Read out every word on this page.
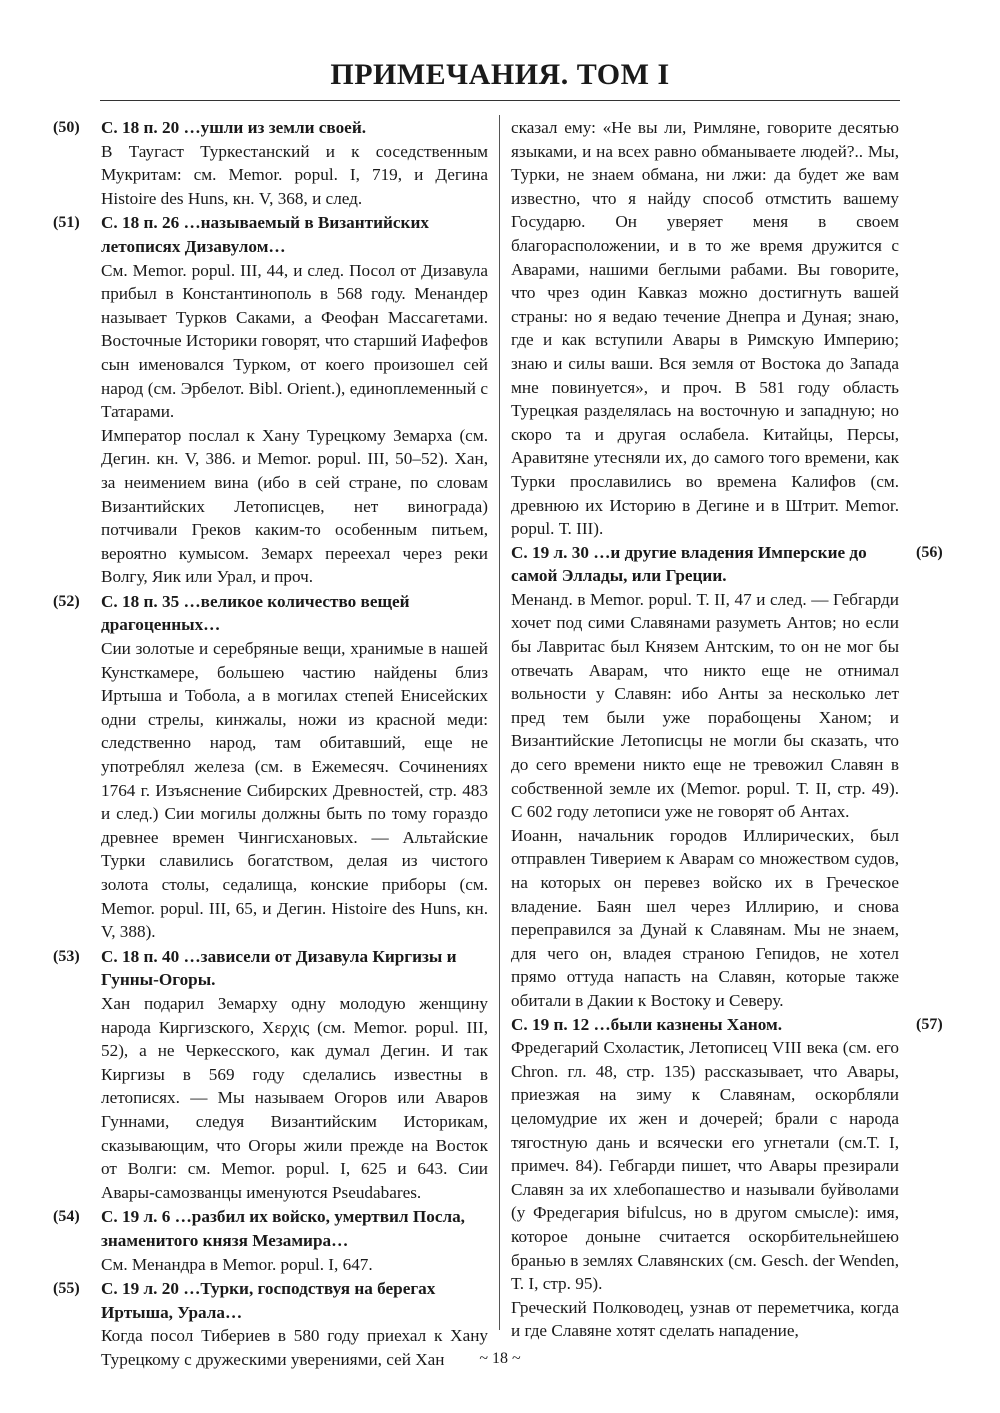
ПРИМЕЧАНИЯ. ТОМ I
(50) С. 18 п. 20 …ушли из земли своей.

В Таугаст Туркестанский и к соседственным Мукритам: см. Memor. popul. I, 719, и Дегина Histoire des Huns, кн. V, 368, и след.

(51) С. 18 п. 26 …называемый в Византийских летописях Дизавулом…

См. Memor. popul. III, 44, и след. Посол от Дизавула прибыл в Константинополь в 568 году. Менандер называет Турков Саками, а Феофан Массагетами. Восточные Историки говорят, что старший Иафефов сын именовался Турком, от коего произошел сей народ (см. Эрбелот. Bibl. Orient.), единоплеменный с Татарами.

Император послал к Хану Турецкому Земарха (см. Дегин. кн. V, 386. и Memor. popul. III, 50–52). Хан, за неимением вина (ибо в сей стране, по словам Византийских Летописцев, нет винограда) потчивали Греков каким-то особенным питьем, вероятно кумысом. Земарх переехал через реки Волгу, Яик или Урал, и проч.

(52) С. 18 п. 35 …великое количество вещей драгоценных…

Сии золотые и серебряные вещи, хранимые в нашей Кунсткамере, большею частию найдены близ Иртыша и Тобола, а в могилах степей Енисейских одни стрелы, кинжалы, ножи из красной меди: следственно народ, там обитавший, еще не употреблял железа (см. в Ежемесяч. Сочинениях 1764 г. Изъяснение Сибирских Древностей, стр. 483 и след.) Сии могилы должны быть по тому гораздо древнее времен Чингисхановых. — Альтайские Турки славились богатством, делая из чистого золота столы, седалища, конские приборы (см. Memor. popul. III, 65, и Дегин. Histoire des Huns, кн. V, 388).

(53) С. 18 п. 40 …зависели от Дизавула Киргизы и Гунны-Огоры.

Хан подарил Земарху одну молодую женщину народа Киргизского, Χερχις (см. Memor. popul. III, 52), а не Черкесского, как думал Дегин. И так Киргизы в 569 году сделались известны в летописях. — Мы называем Огоров или Аваров Гуннами, следуя Византийским Историкам, сказывающим, что Огоры жили прежде на Восток от Волги: см. Memor. popul. I, 625 и 643. Сии Авары-самозванцы именуются Pseudabares.

(54) С. 19 л. 6 …разбил их войско, умертвил Посла, знаменитого князя Мезамира…

См. Менандра в Memor. popul. I, 647.

(55) С. 19 л. 20 …Турки, господствуя на берегах Иртыша, Урала…

Когда посол Тибериев в 580 году приехал к Хану Турецкому с дружескими уверениями, сей Хан

сказал ему: «Не вы ли, Римляне, говорите десятью языками, и на всех равно обманываете людей?.. Мы, Турки, не знаем обмана, ни лжи: да будет же вам известно, что я найду способ отмстить вашему Государю. Он уверяет меня в своем благорасположении, и в то же время дружится с Аварами, нашими беглыми рабами. Вы говорите, что чрез один Кавказ можно достигнуть вашей страны: но я ведаю течение Днепра и Дуная; знаю, где и как вступили Авары в Римскую Империю; знаю и силы ваши. Вся земля от Востока до Запада мне повинуется», и проч. В 581 году область Турецкая разделялась на восточную и западную; но скоро та и другая ослабела. Китайцы, Персы, Аравитяне утесняли их, до самого того времени, как Турки прославились во времена Калифов (см. древнюю их Историю в Дегине и в Штрит. Memor. popul. Т. III).

(56)

С. 19 л. 30 …и другие владения Имперские до самой Эллады, или Греции.

Менанд. в Memor. popul. Т. II, 47 и след. — Гебгарди хочет под сими Славянами разуметь Антов; но если бы Лавритас был Князем Антским, то он не мог бы отвечать Аварам, что никто еще не отнимал вольности у Славян: ибо Анты за несколько лет пред тем были уже порабощены Ханом; и Византийские Летописцы не могли бы сказать, что до сего времени никто еще не тревожил Славян в собственной земле их (Memor. popul. Т. II, стр. 49). С 602 году летописи уже не говорят об Антах.

Иоанн, начальник городов Иллирических, был отправлен Тиверием к Аварам со множеством судов, на которых он перевез войско их в Греческое владение. Баян шел через Иллирию, и снова переправился за Дунай к Славянам. Мы не знаем, для чего он, владея страною Гепидов, не хотел прямо оттуда напасть на Славян, которые также обитали в Дакии к Востоку и Северу.

(57)

С. 19 п. 12 …были казнены Ханом.

Фредегарий Схоластик, Летописец VIII века (см. его Chron. гл. 48, стр. 135) рассказывает, что Авары, приезжая на зиму к Славянам, оскорбляли целомудрие их жен и дочерей; брали с народа тягостную дань и всячески его угнетали (см.Т. I, примеч. 84). Гебгарди пишет, что Авары презирали Славян за их хлебопашество и называли буйволами (у Фредегария bifulcus, но в другом смысле): имя, которое доныне считается оскорбительнейшею бранью в землях Славянских (см. Gesch. der Wenden, Т. I, стр. 95).

Греческий Полководец, узнав от переметчика, когда и где Славяне хотят сделать нападение,

~ 18 ~
